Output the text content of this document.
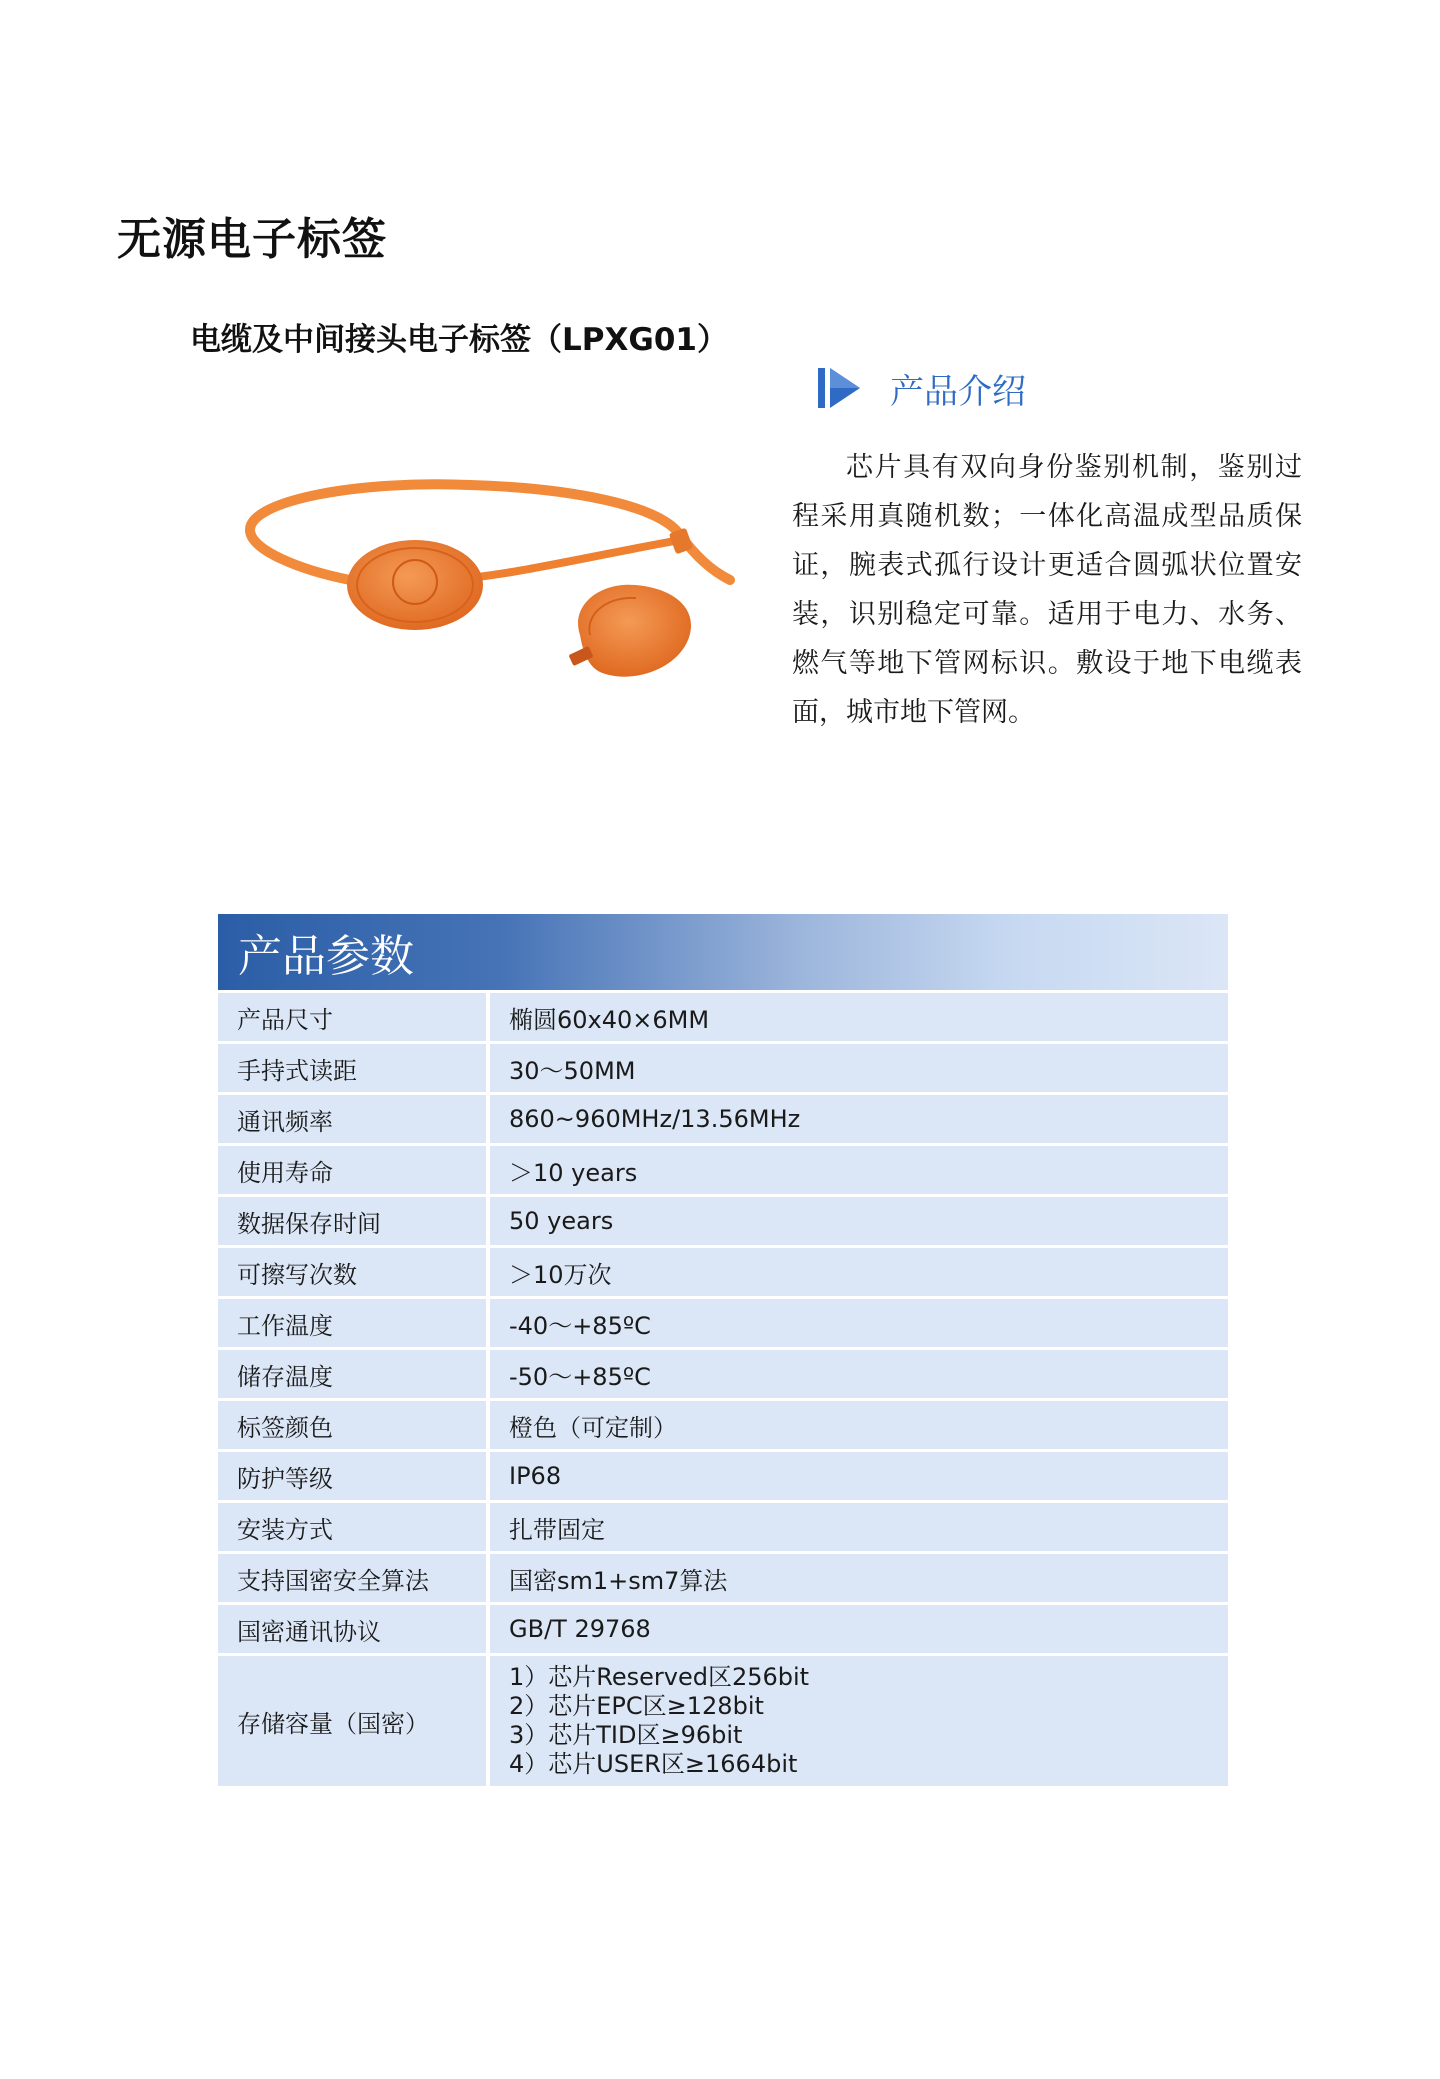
无源电子标签
电缆及中间接头电子标签（LPXG01）
产品介绍

芯片具有双向身份鉴别机制，鉴别过程采用真随机数；一体化高温成型品质保证，腕表式孤行设计更适合圆弧状位置安装，识别稳定可靠。适用于电力、水务、燃气等地下管网标识。敷设于地下电缆表面，城市地下管网。

产品参数
产品尺寸	椭圆60x40×6MM
手持式读距	30～50MM
通讯频率	860~960MHz/13.56MHz
使用寿命	＞10 years
数据保存时间	50 years
可擦写次数	＞10万次
工作温度	-40～+85ºC
储存温度	-50～+85ºC
标签颜色	橙色（可定制）
防护等级	IP68
安装方式	扎带固定
支持国密安全算法	国密sm1+sm7算法
国密通讯协议	GB/T 29768
存储容量（国密）	1）芯片Reserved区256bit
2）芯片EPC区≥128bit
3）芯片TID区≥96bit
4）芯片USER区≥1664bit
